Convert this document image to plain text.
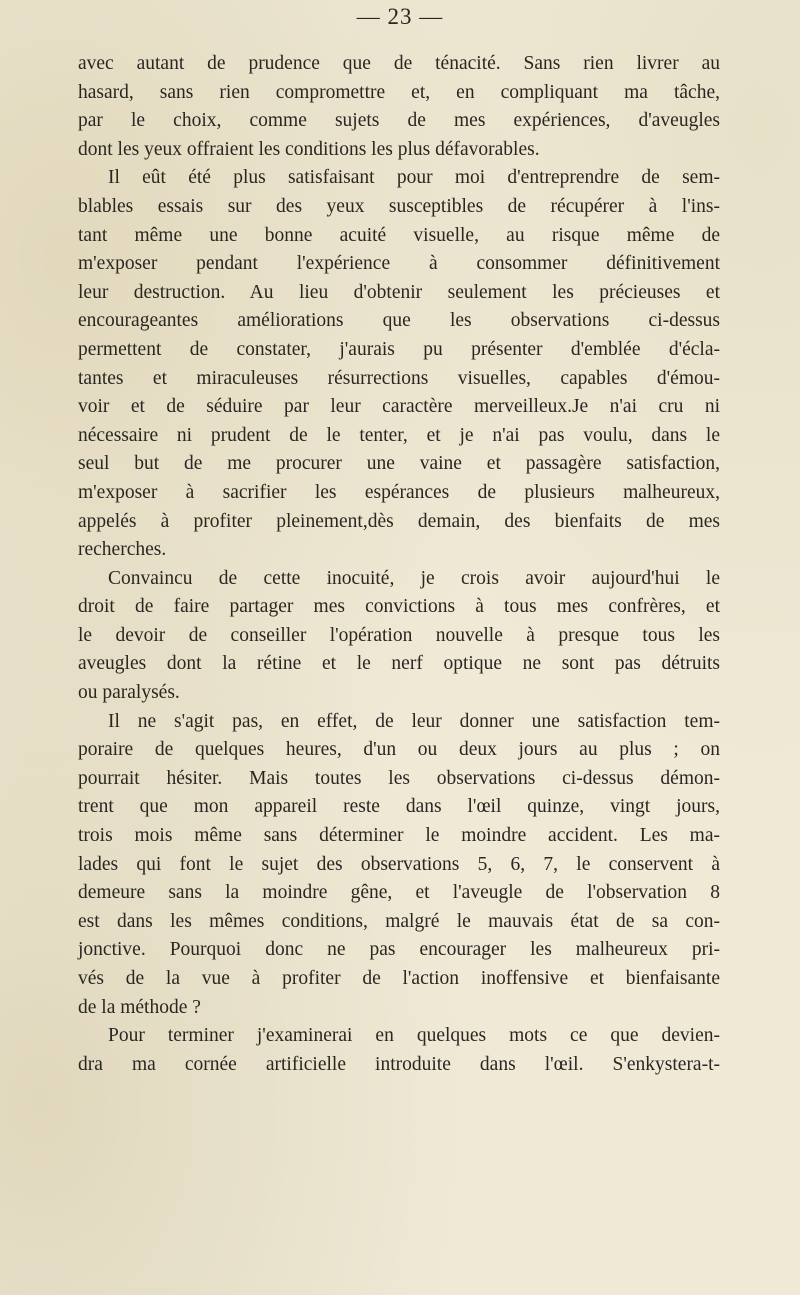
— 23 —
avec autant de prudence que de ténacité. Sans rien livrer au
hasard, sans rien compromettre et, en compliquant ma tâche,
par le choix, comme sujets de mes expériences, d'aveugles
dont les yeux offraient les conditions les plus défavorables.
Il eût été plus satisfaisant pour moi d'entreprendre de sem-
blables essais sur des yeux susceptibles de récupérer à l'ins-
tant même une bonne acuité visuelle, au risque même de
m'exposer pendant l'expérience à consommer définitivement
leur destruction. Au lieu d'obtenir seulement les précieuses et
encourageantes améliorations que les observations ci-dessus
permettent de constater, j'aurais pu présenter d'emblée d'écla-
tantes et miraculeuses résurrections visuelles, capables d'émou-
voir et de séduire par leur caractère merveilleux.Je n'ai cru ni
nécessaire ni prudent de le tenter, et je n'ai pas voulu, dans le
seul but de me procurer une vaine et passagère satisfaction,
m'exposer à sacrifier les espérances de plusieurs malheureux,
appelés à profiter pleinement,dès demain, des bienfaits de mes
recherches.
Convaincu de cette inocuité, je crois avoir aujourd'hui le
droit de faire partager mes convictions à tous mes confrères, et
le devoir de conseiller l'opération nouvelle à presque tous les
aveugles dont la rétine et le nerf optique ne sont pas détruits
ou paralysés.
Il ne s'agit pas, en effet, de leur donner une satisfaction tem-
poraire de quelques heures, d'un ou deux jours au plus ; on
pourrait hésiter. Mais toutes les observations ci-dessus démon-
trent que mon appareil reste dans l'œil quinze, vingt jours,
trois mois même sans déterminer le moindre accident. Les ma-
lades qui font le sujet des observations 5, 6, 7, le conservent à
demeure sans la moindre gêne, et l'aveugle de l'observation 8
est dans les mêmes conditions, malgré le mauvais état de sa con-
jonctive. Pourquoi donc ne pas encourager les malheureux pri-
vés de la vue à profiter de l'action inoffensive et bienfaisante
de la méthode ?
Pour terminer j'examinerai en quelques mots ce que devien-
dra ma cornée artificielle introduite dans l'œil. S'enkystera-t-
